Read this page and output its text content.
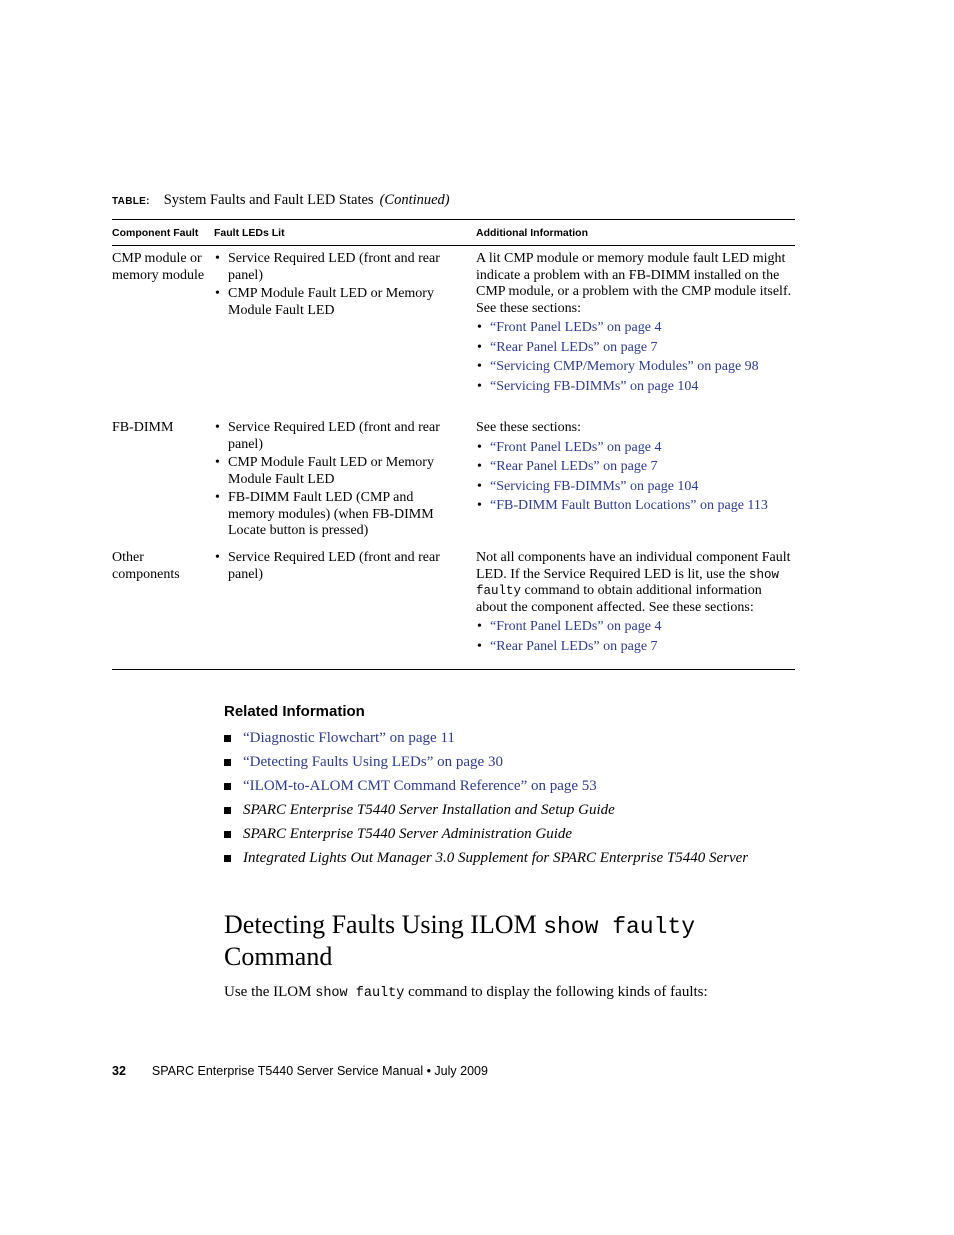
TABLE: System Faults and Fault LED States (Continued)
Component Fault	Fault LEDs Lit	Additional Information
CMP module or memory module
• Service Required LED (front and rear panel)
• CMP Module Fault LED or Memory Module Fault LED

A lit CMP module or memory module fault LED might indicate a problem with an FB-DIMM installed on the CMP module, or a problem with the CMP module itself.

See these sections:

• “Front Panel LEDs” on page 4
• “Rear Panel LEDs” on page 7
• “Servicing CMP/Memory Modules” on page 98
• “Servicing FB-DIMMs” on page 104
FB-DIMM
•	Service Required LED (front and rear panel)
• CMP Module Fault LED or Memory Module Fault LED
• FB-DIMM Fault LED (CMP and memory modules) (when FB-DIMM Locate button is pressed)

See these sections:

• “Front Panel LEDs” on page 4
• “Rear Panel LEDs” on page 7
• “Servicing FB-DIMMs” on page 104
• “FB-DIMM Fault Button Locations” on page 113
Other components
• Service Required LED (front and rear panel)

Not all components have an individual component Fault LED. If the Service Required LED is lit, use the show faulty command to obtain additional information about the component affected. See these sections:

• “Front Panel LEDs” on page 4
• “Rear Panel LEDs” on page 7
Related Information
“Diagnostic Flowchart” on page 11
“Detecting Faults Using LEDs” on page 30
“ILOM-to-ALOM CMT Command Reference” on page 53
SPARC Enterprise T5440 Server Installation and Setup Guide
SPARC Enterprise T5440 Server Administration Guide
Integrated Lights Out Manager 3.0 Supplement for SPARC Enterprise T5440 Server
Detecting Faults Using ILOM show faulty
Command

Use the ILOM show faulty command to display the following kinds of faults:

32 SPARC Enterprise T5440 Server Service Manual • July 2009
